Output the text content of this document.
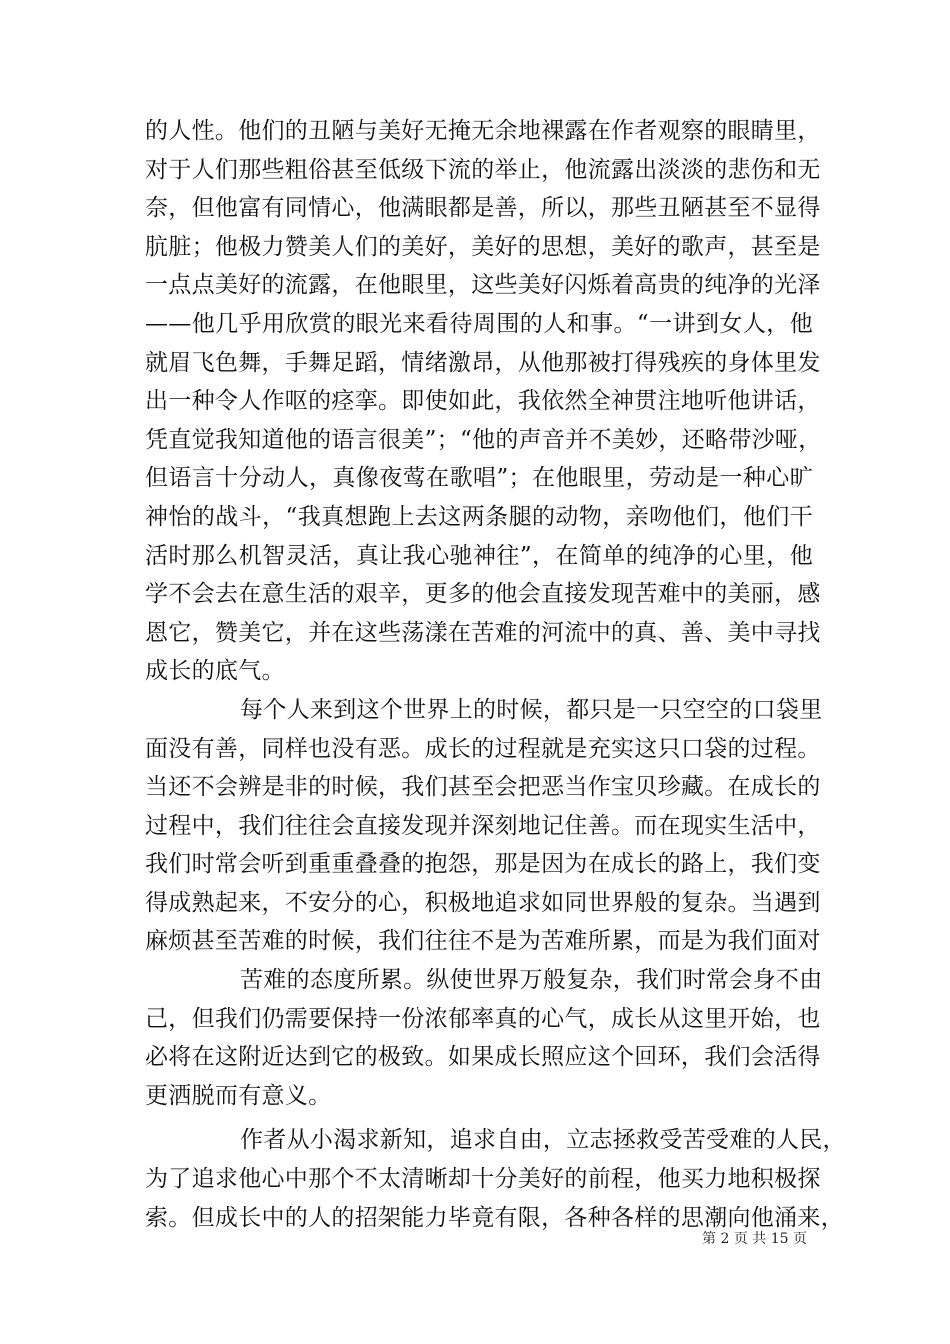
的人性。他们的丑陋与美好无掩无余地裸露在作者观察的眼睛里，
对于人们那些粗俗甚至低级下流的举止，他流露出淡淡的悲伤和无
奈，但他富有同情心，他满眼都是善，所以，那些丑陋甚至不显得
肮脏；他极力赞美人们的美好，美好的思想，美好的歌声，甚至是
一点点美好的流露，在他眼里，这些美好闪烁着高贵的纯净的光泽
——他几乎用欣赏的眼光来看待周围的人和事。“一讲到女人，他
就眉飞色舞，手舞足蹈，情绪激昂，从他那被打得残疾的身体里发
出一种令人作呕的痉挛。即使如此，我依然全神贯注地听他讲话，
凭直觉我知道他的语言很美”；“他的声音并不美妙，还略带沙哑，
但语言十分动人，真像夜莺在歌唱”；在他眼里，劳动是一种心旷
神怡的战斗，“我真想跑上去这两条腿的动物，亲吻他们，他们干
活时那么机智灵活，真让我心驰神往”，在简单的纯净的心里，他
学不会去在意生活的艰辛，更多的他会直接发现苦难中的美丽，感
恩它，赞美它，并在这些荡漾在苦难的河流中的真、善、美中寻找
成长的底气。
每个人来到这个世界上的时候，都只是一只空空的口袋里
面没有善，同样也没有恶。成长的过程就是充实这只口袋的过程。
当还不会辨是非的时候，我们甚至会把恶当作宝贝珍藏。在成长的
过程中，我们往往会直接发现并深刻地记住善。而在现实生活中，
我们时常会听到重重叠叠的抱怨，那是因为在成长的路上，我们变
得成熟起来，不安分的心，积极地追求如同世界般的复杂。当遇到
麻烦甚至苦难的时候，我们往往不是为苦难所累，而是为我们面对
苦难的态度所累。纵使世界万般复杂，我们时常会身不由
己，但我们仍需要保持一份浓郁率真的心气，成长从这里开始，也
必将在这附近达到它的极致。如果成长照应这个回环，我们会活得
更洒脱而有意义。
作者从小渴求新知，追求自由，立志拯救受苦受难的人民，
为了追求他心中那个不太清晰却十分美好的前程，他买力地积极探
索。但成长中的人的招架能力毕竟有限，各种各样的思潮向他涌来，
第 2 页 共 15 页
